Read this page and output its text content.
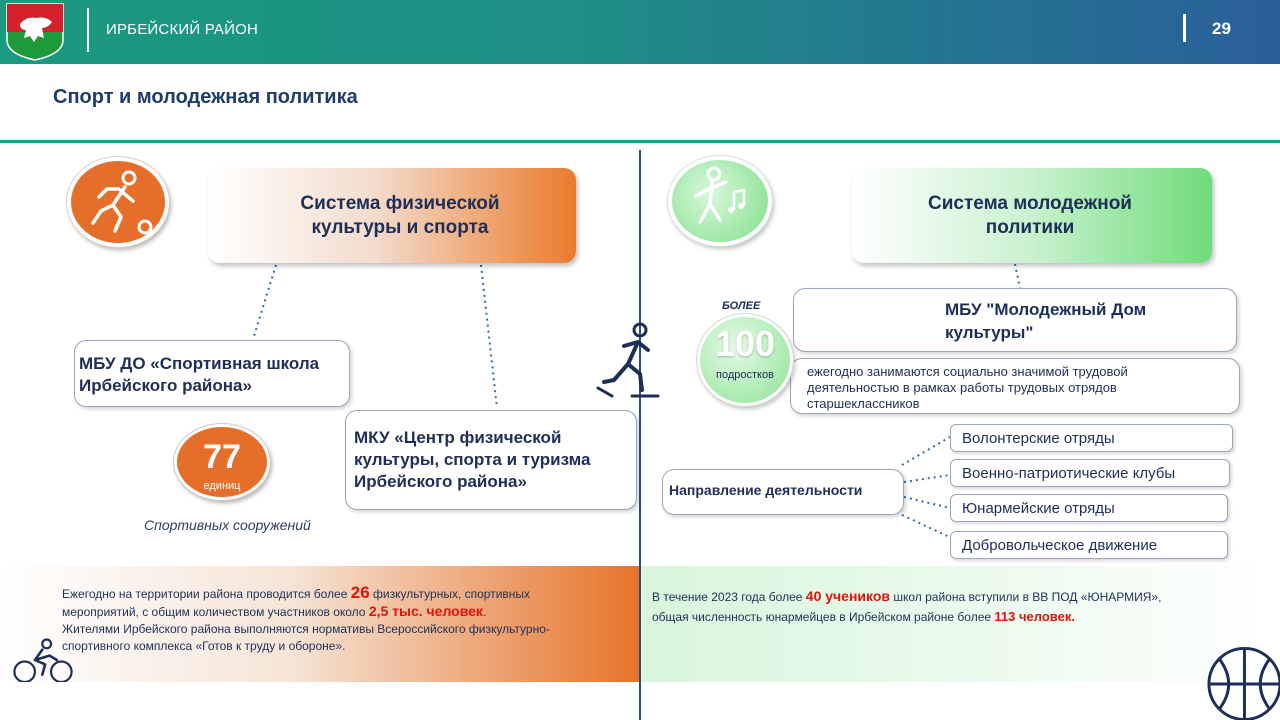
ИРБЕЙСКИЙ РАЙОН	29
Спорт и молодежная политика
Система физической
культуры и спорта
МБУ ДО «Спортивная школа
Ирбейского района»
МКУ «Центр физической
культуры, спорта и туризма
Ирбейского района»
77
единиц
Спортивных сооружений
Ежегодно на территории района проводится более 26 физкультурных, спортивных мероприятий, с общим количеством участников около 2,5 тыс. человек.
Жителями Ирбейского района выполняются нормативы Всероссийского физкультурно-спортивного комплекса «Готов к труду и обороне».
Система молодежной
политики
МБУ "Молодежный Дом
культуры"
ежегодно занимаются социально значимой трудовой
деятельностью в рамках работы трудовых отрядов
старшеклассников
БОЛЕЕ
100
подростков
Направление деятельности
Волонтерские отряды
Военно-патриотические клубы
Юнармейские отряды
Добровольческое движение
В течение 2023 года более 40 учеников школ района вступили в ВВ ПОД «ЮНАРМИЯ»,
общая численность юнармейцев в Ирбейском районе более 113 человек.
